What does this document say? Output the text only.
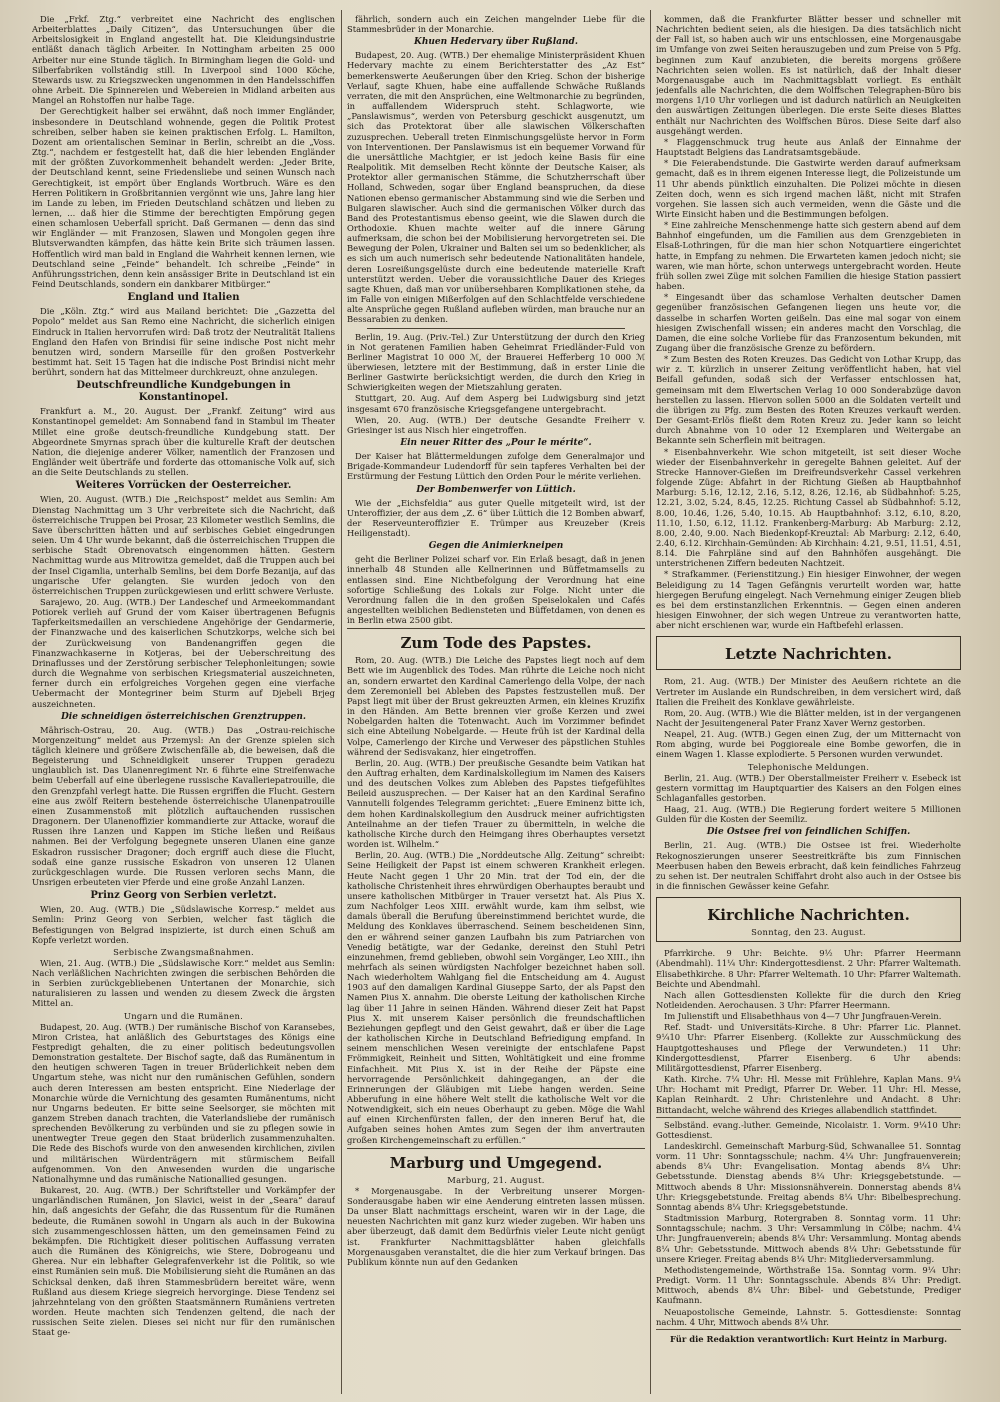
Die „Frkf. Ztg.“ verbreitet eine Nachricht des englischen Arbeiterblattes „Daily Citizen“, das Untersuchungen über die Arbeitslosigkeit in England angestellt hat. Die Kleidungsindustrie entläßt danach täglich Arbeiter. In Nottingham arbeiten 25 000 Arbeiter nur eine Stunde täglich. In Birmingham liegen die Gold- und Silberfabriken vollständig still. In Liverpool sind 1000 Köche, Stewards usw. zu Kriegszwecken ungenommen in den Handelsschiffen ohne Arbeit. Die Spinnereien und Webereien in Midland arbeiten aus Mangel an Rohstoffen nur halbe Tage.

Der Gerechtigkeit halber sei erwähnt, daß noch immer Engländer, insbesondere in Deutschland wohnende, gegen die Politik Protest schreiben, selber haben sie keinen praktischen Erfolg. L. Hamilton, Dozent am orientalischen Seminar in Berlin, schreibt an die „Voss. Ztg.“, nachdem er festgestellt hat, daß die hier lebenden Engländer mit der größten Zuvorkommenheit behandelt werden: „Jeder Brite, der Deutschland kennt, seine Friedensliebe und seinen Wunsch nach Gerechtigkeit, ist empört über Englands Wortbruch. Wäre es den Herren Politikern in Großbritannien vergönnt wie uns, Jahre lang hier im Lande zu leben, im Frieden Deutschland schätzen und lieben zu lernen, ... daß hier die Stimme der berechtigten Empörung gegen einen schamlosen Ueberfall spricht. Daß Germanen — denn das sind wir Engländer — mit Franzosen, Slawen und Mongolen gegen ihre Blutsverwandten kämpfen, das hätte kein Brite sich träumen lassen. Hoffentlich wird man bald in England die Wahrheit kennen lernen, wie Deutschland seine „Feinde“ behandelt. Ich schreibe „Feinde“ in Anführungsstrichen, denn kein ansässiger Brite in Deutschland ist ein Feind Deutschlands, sondern ein dankbarer Mitbürger.“

England und Italien

Die „Köln. Ztg.“ wird aus Mailand berichtet: Die „Gazzetta del Popolo“ meldet aus San Remo eine Nachricht, die sicherlich einigen Eindruck in Italien hervorrufen wird: Daß trotz der Neutralität Italiens England den Hafen von Brindisi für seine indische Post nicht mehr benutzen wird, sondern Marseille für den großen Postverkehr bestimmt hat. Seit 15 Tagen hat die indische Post Brindisi nicht mehr berührt, sondern hat das Mittelmeer durchkreuzt, ohne anzulegen.

Deutschfreundliche Kundgebungen in Konstantinopel.

Frankfurt a. M., 20. August. Der „Frankf. Zeitung“ wird aus Konstantinopel gemeldet: Am Sonnabend fand in Stambul im Theater Millet eine große deutsch-freundliche Kundgebung statt. Der Abgeordnete Smyrnas sprach über die kulturelle Kraft der deutschen Nation, die diejenige anderer Völker, namentlich der Franzosen und Engländer weit überträfe und forderte das ottomanische Volk auf, sich an die Seite Deutschlands zu stellen.

Weiteres Vorrücken der Oesterreicher.

Wien, 20. August. (WTB.) Die „Reichspost“ meldet aus Semlin: Am Dienstag Nachmittag um 3 Uhr verbreitete sich die Nachricht, daß österreichische Truppen bei Prosar, 23 Kilometer westlich Semlins, die Save überschritten hätten und auf serbisches Gebiet eingedrungen seien. Um 4 Uhr wurde bekannt, daß die österreichischen Truppen die serbische Stadt Obrenovatsch eingenommen hätten. Gestern Nachmittag wurde aus Mitrowitza gemeldet, daß die Truppen auch bei der Insel Cigamlia, unterhalb Semlins, bei dem Dorfe Bezanija, auf das ungarische Ufer gelangten. Sie wurden jedoch von den österreichischen Truppen zurückgewiesen und erlitt schwere Verluste.

Sarajewo, 20. Aug. (WTB.) Der Landeschef und Armeekommandant Potiorek verlieh auf Grund der vom Kaiser übertragenen Befugnis Tapferkeitsmedaillen an verschiedene Angehörige der Gendarmerie, der Finanzwache und des kaiserlichen Schutzkorps, welche sich bei der Zurückweisung von Bandenangriffen gegen die Finanzwachkaserne in Kotjeras, bei der Ueberschreitung des Drinaflusses und der Zerstörung serbischer Telephonleitungen; sowie durch die Wegnahme von serbischen Kriegsmaterial auszeichneten, ferner durch ein erfolgreiches Vorgehen gegen eine vierfache Uebermacht der Montegriner beim Sturm auf Djebeli Brjeg auszeichneten.

Die schneidigen österreichischen Grenztruppen.

Mährisch-Ostrau, 20. Aug. (WTB.) Das „Ostrau-reichische Morgenzeitung“ meldet aus Przemysl: An der Grenze spielen sich täglich kleinere und größere Zwischenfälle ab, die beweisen, daß die Begeisterung und Schneidigkeit unserer Truppen geradezu unglaublich ist. Das Ulanenregiment Nr. 6 führte eine Streifenwache beim Ueberfall auf eine überlegene russische Kavalleriepatrouille, die den Grenzpfahl verlegt hatte. Die Russen ergriffen die Flucht. Gestern eine aus zwölf Reitern bestehende österreichische Ulanenpatrouille einen Zusammenstoß mit plötzlich auftauchenden russischen Dragonern. Der Ulanenoffizier kommandierte zur Attacke, worauf die Russen ihre Lanzen und Kappen im Stiche ließen und Reißaus nahmen. Bei der Verfolgung begegnete unseren Ulanen eine ganze Eskadron russischer Dragoner; doch ergriff auch diese die Flucht, sodaß eine ganze russische Eskadron von unseren 12 Ulanen zurückgeschlagen wurde. Die Russen verloren sechs Mann, die Unsrigen erbeuteten vier Pferde und eine große Anzahl Lanzen.

Prinz Georg von Serbien verletzt.

Wien, 20. Aug. (WTB.) Die „Südslawische Korresp.“ meldet aus Semlin: Prinz Georg von Serbien, welcher fast täglich die Befestigungen von Belgrad inspizierte, ist durch einen Schuß am Kopfe verletzt worden.

Serbische Zwangsmaßnahmen.

Wien, 21. Aug. (WTB.) Die „Südslawische Korr.“ meldet aus Semlin: Nach verläßlichen Nachrichten zwingen die serbischen Behörden die in Serbien zurückgebliebenen Untertanen der Monarchie, sich naturalisieren zu lassen und wenden zu diesem Zweck die ärgsten Mittel an.

Ungarn und die Rumänen.

Budapest, 20. Aug. (WTB.) Der rumänische Bischof von Karansebes, Miron Cristea, hat anläßlich des Geburtstages des Königs eine Festpredigt gehalten, die zu einer politisch bedeutungsvollen Demonstration gestaltete. Der Bischof sagte, daß das Rumänentum in den heutigen schweren Tagen in treuer Brüderlichkeit neben dem Ungartum stehe, was nicht nur den rumänischen Gefühlen, sondern auch deren Interessen am besten entspricht. Eine Niederlage der Monarchie würde die Vernichtung des gesamten Rumänentums, nicht nur Ungarns bedeuten. Er bitte seine Seelsorger, sie möchten mit ganzem Streben danach trachten, die Vaterlandsliebe der rumänisch sprechenden Bevölkerung zu verbünden und sie zu pflegen sowie in unentwegter Treue gegen den Staat brüderlich zusammenzuhalten. Die Rede des Bischofs wurde von den anwesenden kirchlichen, zivilen und militärischen Würdenträgern mit stürmischem Beifall aufgenommen. Von den Anwesenden wurden die ungarische Nationalhymne und das rumänische Nationallied gesungen.

Bukarest, 20. Aug. (WTB.) Der Schriftsteller und Vorkämpfer der ungarländischen Rumänen, Jon Slavici, weist in der „Seara“ darauf hin, daß angesichts der Gefahr, die das Russentum für die Rumänen bedeute, die Rumänen sowohl in Ungarn als auch in der Bukowina sich zusammengeschlossen hätten, um den gemeinsamen Feind zu bekämpfen. Die Richtigkeit dieser politischen Auffassung verraten auch die Rumänen des Königreichs, wie Stere, Dobrogeanu und Gherea. Nur ein lebhafter Gelegrafenverkehr ist die Politik, so wie einst Rumänien sein muß. Die Mobilisierung sieht die Rumänen an das Schicksal denken, daß ihren Stammesbrüdern bereitet wäre, wenn Rußland aus diesem Kriege siegreich hervorginge. Diese Tendenz sei jahrzehntelang von den größten Staatsmännern Rumäniens vertreten worden. Heute machten sich Tendenzen geltend, die nach der russischen Seite zielen. Dieses sei nicht nur für den rumänischen Staat ge-

fährlich, sondern auch ein Zeichen mangelnder Liebe für die Stammesbrüder in der Monarchie.

Khuen Hedervary über Rußland.

Budapest, 20. Aug. (WTB.) Der ehemalige Ministerpräsident Khuen Hedervary machte zu einem Berichterstatter des „Az Est“ bemerkenswerte Aeußerungen über den Krieg. Schon der bisherige Verlauf, sagte Khuen, habe eine auffallende Schwäche Rußlands verraten, die mit den Ansprüchen, eine Weltmonarchie zu begründen, in auffallendem Widerspruch steht. Schlagworte, wie „Panslawismus“, werden von Petersburg geschickt ausgenutzt, um sich das Protektorat über alle slawischen Völkerschaften zuzusprechen. Ueberall treten Einmischungsgelüste hervor in Form von Interventionen. Der Panslawismus ist ein bequemer Vorwand für die unersättliche Machtgier, er ist jedoch keine Basis für eine Realpolitik. Mit demselben Recht könnte der Deutsche Kaiser, als Protektor aller germanischen Stämme, die Schutzherrschaft über Holland, Schweden, sogar über England beanspruchen, da diese Nationen ebenso germanischer Abstammung sind wie die Serben und Bulgaren slawischer. Auch sind die germanischen Völker durch das Band des Protestantismus ebenso geeint, wie die Slawen durch die Orthodoxie. Khuen machte weiter auf die innere Gärung aufmerksam, die schon bei der Mobilisierung hervorgetreten sei. Die Bewegung der Polen, Ukrainer und Balten sei um so bedenklicher, als es sich um auch numerisch sehr bedeutende Nationalitäten handele, deren Losreißungsgelüste durch eine bedeutende materielle Kraft unterstützt werden. Ueber die voraussichtliche Dauer des Krieges sagte Khuen, daß man vor unübersehbaren Komplikationen stehe, da im Falle von einigen Mißerfolgen auf den Schlachtfelde verschiedene alte Ansprüche gegen Rußland aufleben würden, man brauche nur an Bessarabien zu denken.

Berlin, 19. Aug. (Priv.-Tel.) Zur Unterstützung der durch den Krieg in Not geratenen Familien haben Geheimrat Friedländer-Fuld von Berliner Magistrat 10 000 ℳ, der Brauerei Hefferberg 10 000 ℳ überwiesen, letztere mit der Bestimmung, daß in erster Linie die Berliner Gastwirte berücksichtigt werden, die durch den Krieg in Schwierigkeiten wegen der Mietszahlung geraten.

Stuttgart, 20. Aug. Auf dem Asperg bei Ludwigsburg sind jetzt insgesamt 670 französische Kriegsgefangene untergebracht.

Wien, 20. Aug. (WTB.) Der deutsche Gesandte Freiherr v. Griesinger ist aus Nisch hier eingetroffen.

Ein neuer Ritter des „Pour le mérite“.

Der Kaiser hat Blättermeldungen zufolge dem Generalmajor und Brigade-Kommandeur Ludendorff für sein tapferes Verhalten bei der Erstürmung der Festung Lüttich den Orden Pour le mérite verliehen.

Der Bombenwerfer von Lüttich.

Wie der „Eichsfeldia“ aus guter Quelle mitgeteilt wird, ist der Unteroffizier, der aus dem „Z. 6“ über Lüttich die 12 Bomben abwarf, der Reserveunteroffizier E. Trümper aus Kreuzeber (Kreis Heiligenstadt).

Gegen die Animierkneipen

geht die Berliner Polizei scharf vor. Ein Erlaß besagt, daß in jenen innerhalb 48 Stunden alle Kellnerinnen und Büffetmamsells zu entlassen sind. Eine Nichtbefolgung der Verordnung hat eine sofortige Schließung des Lokals zur Folge. Nicht unter die Verordnung fallen die in den großen Speiselokalen und Cafés angestellten weiblichen Bediensteten und Büffetdamen, von denen es in Berlin etwa 2500 gibt.

Zum Tode des Papstes.

Rom, 20. Aug. (WTB.) Die Leiche des Papstes liegt noch auf dem Bett wie im Augenblick des Todes. Man rührte die Leiche noch nicht an, sondern erwartet den Kardinal Camerlengo della Volpe, der nach dem Zeremoniell bei Ableben des Papstes festzustellen muß. Der Papst liegt mit über der Brust gekreuzten Armen, ein kleines Kruzifix in den Händen. Am Bette brennen vier große Kerzen und zwei Nobelgarden halten die Totenwacht. Auch im Vorzimmer befindet sich eine Abteilung Nobelgarde. — Heute früh ist der Kardinal della Volpe, Camerlengo der Kirche und Verweser des päpstlichen Stuhles während der Sedisvakanz, hier eingetroffen.

Berlin, 20. Aug. (WTB.) Der preußische Gesandte beim Vatikan hat den Auftrag erhalten, dem Kardinalskollegium im Namen des Kaisers und des deutschen Volkes zum Ableben des Papstes tiefgefühltes Beileid auszusprechen. — Der Kaiser hat an den Kardinal Serafino Vannutelli folgendes Telegramm gerichtet: „Euere Eminenz bitte ich, dem hohen Kardinalskollegium den Ausdruck meiner aufrichtigsten Anteilnahme an der tiefen Trauer zu übermitteln, in welche die katholische Kirche durch den Heimgang ihres Oberhauptes versetzt worden ist. Wilhelm.“

Berlin, 20. Aug. (WTB.) Die „Norddeutsche Allg. Zeitung“ schreibt: Seine Heiligkeit der Papst ist einem schweren Krankheit erlegen. Heute Nacht gegen 1 Uhr 20 Min. trat der Tod ein, der die katholische Christenheit ihres ehrwürdigen Oberhauptes beraubt und unsere katholischen Mitbürger in Trauer versetzt hat. Als Pius X. zum Nachfolger Leos XIII. erwählt wurde, kam ihm selbst, wie damals überall die Berufung übereinstimmend berichtet wurde, die Meldung des Konklaves überraschend. Seinem bescheidenen Sinn, den er während seiner ganzen Laufbahn bis zum Patriarchen von Venedig betätigte, war der Gedanke, dereinst den Stuhl Petri einzunehmen, fremd geblieben, obwohl sein Vorgänger, Leo XIII., ihn mehrfach als seinen würdigsten Nachfolger bezeichnet haben soll. Nach wiederholtem Wahlgang fiel die Entscheidung am 4. August 1903 auf den damaligen Kardinal Giuseppe Sarto, der als Papst den Namen Pius X. annahm. Die oberste Leitung der katholischen Kirche lag über 11 Jahre in seinen Händen. Während dieser Zeit hat Papst Pius X. mit unserem Kaiser persönlich die freundschaftlichen Beziehungen gepflegt und den Geist gewahrt, daß er über die Lage der katholischen Kirche in Deutschland Befriedigung empfand. In seinem menschlichen Wesen vereinigte der entschlafene Papst Frömmigkeit, Reinheit und Sitten, Wohltätigkeit und eine fromme Einfachheit. Mit Pius X. ist in der Reihe der Päpste eine hervorragende Persönlichkeit dahingegangen, an der die Erinnerungen der Gläubigen mit Liebe hangen werden. Seine Abberufung in eine höhere Welt stellt die katholische Welt vor die Notwendigkeit, sich ein neues Oberhaupt zu geben. Möge die Wahl auf einen Kirchenfürsten fallen, der den inneren Beruf hat, die Aufgaben seines hohen Amtes zum Segen der ihm anvertrauten großen Kirchengemeinschaft zu erfüllen.“

Marburg und Umgegend.
Marburg, 21. August.

* Morgenausgabe. In der Verbreitung unserer Morgen-Sonderausgabe haben wir eine Aenderung eintreten lassen müssen. Da unser Blatt nachmittags erscheint, waren wir in der Lage, die neuesten Nachrichten mit ganz kurz wieder zugeben. Wir haben uns aber überzeugt, daß damit dem Bedürfnis vieler Leute nicht genügt ist. Frankfurter Nachmittagsblätter haben gleichfalls Morgenausgaben veranstaltet, die die hier zum Verkauf bringen. Das Publikum könnte nun auf den Gedanken

kommen, daß die Frankfurter Blätter besser und schneller mit Nachrichten bedient seien, als die hiesigen. Da dies tatsächlich nicht der Fall ist, so haben auch wir uns entschlossen, eine Morgenausgabe im Umfange von zwei Seiten herauszugeben und zum Preise von 5 Pfg. beginnen zum Kauf anzubieten, die bereits morgens größere Nachrichten seien wollen. Es ist natürlich, daß der Inhalt dieser Morgenausgabe auch im Nachmittagsblatt vorliegt. Es enthält jedenfalls alle Nachrichten, die dem Wolffschen Telegraphen-Büro bis morgens 1/10 Uhr vorliegen und ist dadurch natürlich an Neuigkeiten den auswärtigen Zeitungen überlegen. Die erste Seite dieses Blattes enthält nur Nachrichten des Wolffschen Büros. Diese Seite darf also ausgehängt werden.

* Flaggenschmuck trug heute aus Anlaß der Einnahme der Hauptstadt Belgiens das Landratsamtsgebäude.

* Die Feierabendstunde. Die Gastwirte werden darauf aufmerksam gemacht, daß es in ihrem eigenen Interesse liegt, die Polizeistunde um 11 Uhr abends pünktlich einzuhalten. Die Polizei möchte in diesen Zeiten doch, wenn es sich irgend machen läßt, nicht mit Strafen vorgehen. Sie lassen sich auch vermeiden, wenn die Gäste und die Wirte Einsicht haben und die Bestimmungen befolgen.

* Eine zahlreiche Menschenmenge hatte sich gestern abend auf dem Bahnhof eingefunden, um die Familien aus dem Grenzgebieten in Elsaß-Lothringen, für die man hier schon Notquartiere eingerichtet hatte, in Empfang zu nehmen. Die Erwarteten kamen jedoch nicht; sie waren, wie man hörte, schon unterwegs untergebracht worden. Heute früh sollen zwei Züge mit solchen Familien die hiesige Station passiert haben.

* Eingesandt über das schamlose Verhalten deutscher Damen gegenüber französischen Gefangenen liegen uns heute vor, die dasselbe in scharfen Worten geißeln. Das eine mal sogar von einem hiesigen Zwischenfall wissen; ein anderes macht den Vorschlag, die Damen, die eine solche Vorliebe für das Franzosentum bekunden, mit Zugang über die französische Grenze zu befördern.

* Zum Besten des Roten Kreuzes. Das Gedicht von Lothar Krupp, das wir z. T. kürzlich in unserer Zeitung veröffentlicht haben, hat viel Beifall gefunden, sodaß sich der Verfasser entschlossen hat, gemeinsam mit dem Elwertschen Verlag 10 000 Sonderabzüge davon herstellen zu lassen. Hiervon sollen 5000 an die Soldaten verteilt und die übrigen zu Pfg. zum Besten des Roten Kreuzes verkauft werden. Der Gesamt-Erlös fließt dem Roten Kreuz zu. Jeder kann so leicht durch Abnahme von 10 oder 12 Exemplaren und Weitergabe an Bekannte sein Scherflein mit beitragen.

* Eisenbahnverkehr. Wie schon mitgeteilt, ist seit dieser Woche wieder der Eisenbahnverkehr in geregelte Bahnen geleitet. Auf der Strecke Hannover-Gießen im Dreifreundsverkehr Cassel verkehren folgende Züge: Abfahrt in der Richtung Gießen ab Hauptbahnhof Marburg: 5.16, 12.12, 2.16, 5.12, 8.26, 12.16, ab Südbahnhof: 5.25, 12.21, 3.02, 5.24, 8.45, 12.25. Richtung Cassel ab Südbahnhof: 5.12, 8.00, 10.46, 1.26, 5.40, 10.15. Ab Hauptbahnhof: 3.12, 6.10, 8.20, 11.10, 1.50, 6.12, 11.12. Frankenberg-Marburg: Ab Marburg: 2.12, 8.00, 2.40, 9.00. Nach Biedenkopf-Kreuztal: Ab Marburg: 2.12, 6.40, 2.40, 6.12. Kirchhain-Gemünden: Ab Kirchhain: 4.21, 9.51, 11.51, 4.51, 8.14. Die Fahrpläne sind auf den Bahnhöfen ausgehängt. Die unterstrichenen Ziffern bedeuten Nachtzeit.

* Strafkammer. (Ferienstitzung.) Ein hiesiger Einwohner, der wegen Beleidigung zu 14 Tagen Gefängnis verurteilt worden war, hatte hiergegen Berufung eingelegt. Nach Vernehmung einiger Zeugen blieb es bei dem erstinstanzlichen Erkenntnis. — Gegen einen anderen hiesigen Einwohner, der sich wegen Untreue zu verantworten hatte, aber nicht erschienen war, wurde ein Haftbefehl erlassen.

Letzte Nachrichten.

Rom, 21. Aug. (WTB.) Der Minister des Aeußern richtete an die Vertreter im Auslande ein Rundschreiben, in dem versichert wird, daß Italien die Freiheit des Konklave gewährleiste.

Rom, 20. Aug. (WTB.) Wie die Blätter melden, ist in der vergangenen Nacht der Jesuitengeneral Pater Franz Xaver Wernz gestorben.

Neapel, 21. Aug. (WTB.) Gegen einen Zug, der um Mitternacht von Rom abging, wurde bei Poggioreale eine Bombe geworfen, die in einem Wagen 1. Klasse explodierte. 5 Personen wurden verwundet.

Telephonische Meldungen.

Berlin, 21. Aug. (WTB.) Der Oberstallmeister Freiherr v. Esebeck ist gestern vormittag im Hauptquartier des Kaisers an den Folgen eines Schlaganfalles gestorben.

Haag, 21. Aug. (WTB.) Die Regierung fordert weitere 5 Millionen Gulden für die Kosten der Seemiliz.

Die Ostsee frei von feindlichen Schiffen.

Berlin, 21. Aug. (WTB.) Die Ostsee ist frei. Wiederholte Rekognoszierungen unserer Seestreitkräfte bis zum Finnischen Meerbusen haben den Beweis erbracht, daß kein feindliches Fahrzeug zu sehen ist. Der neutralen Schiffahrt droht also auch in der Ostsee bis in die finnischen Gewässer keine Gefahr.

Kirchliche Nachrichten.
Sonntag, den 23. August.

Pfarrkirche. 9 Uhr: Beichte. 9½ Uhr: Pfarrer Heermann (Abendmahl). 11¼ Uhr: Kindergottesdienst. 2 Uhr: Pfarrer Waltemath. Elisabethkirche. 8 Uhr: Pfarrer Weltemath. 10 Uhr: Pfarrer Waltemath. Beichte und Abendmahl.

Nach allen Gottesdiensten Kollekte für die durch den Krieg Notleidenden. Aerochausen. 3 Uhr: Pfarrer Heermann.

Im Julienstift und Elisabethhaus von 4—7 Uhr Jungfrauen-Verein.

Ref. Stadt- und Universitäts-Kirche. 8 Uhr: Pfarrer Lic. Plannet. 9¼10 Uhr: Pfarrer Eisenberg. (Kollekte zur Ausschmückung des Hauptgotteshauses und Pflege der Verwundeten.) 11 Uhr: Kindergottesdienst, Pfarrer Eisenberg. 6 Uhr abends: Militärgottesdienst, Pfarrer Eisenberg.

Kath. Kirche. 7¼ Uhr: Hl. Messe mit Frühlehre, Kaplan Mans. 9¼ Uhr: Hochamt mit Predigt, Pfarrer Dr. Weber. 11 Uhr: Hl. Messe, Kaplan Reinhardt. 2 Uhr: Christenlehre und Andacht. 8 Uhr: Bittandacht, welche während des Krieges allabendlich stattfindet.

Selbständ. evang.-luther. Gemeinde, Nicolaistr. 1. Vorm. 9¼10 Uhr: Gottesdienst.

Landeskirchl. Gemeinschaft Marburg-Süd, Schwanallee 51. Sonntag vorm. 11 Uhr: Sonntagsschule; nachm. 4¼ Uhr: Jungfrauenverein; abends 8¼ Uhr: Evangelisation. Montag abends 8¼ Uhr: Gebetsstunde. Dienstag abends 8¼ Uhr: Kriegsgebetstunde. — Mittwoch abends 8 Uhr: Missionsnähverein. Donnerstag abends 8¼ Uhr: Kriegsgebetstunde. Freitag abends 8¼ Uhr: Bibelbesprechung. Sonntag abends 8¼ Uhr: Kriegsgebetstunde.

Stadtmission Marburg, Rotergraben 8. Sonntag vorm. 11 Uhr: Sonntagsschule; nachm. 3 Uhr: Versammlung in Cölbe; nachm. 4¼ Uhr: Jungfrauenverein; abends 8¼ Uhr: Versammlung. Montag abends 8¼ Uhr: Gebetsstunde. Mittwoch abends 8¼ Uhr: Gebetsstunde für unsere Krieger. Freitag abends 8¼ Uhr: Mitgliederversammlung.

Methodistengemeinde, Wörthstraße 15a. Sonntag vorm. 9¼ Uhr: Predigt. Vorm. 11 Uhr: Sonntagsschule. Abends 8¼ Uhr: Predigt. Mittwoch, abends 8¼ Uhr: Bibel- und Gebetstunde, Prediger Kaufmann.

Neuapostolische Gemeinde, Lahnstr. 5. Gottesdienste: Sonntag nachm. 4 Uhr, Mittwoch abends 8¼ Uhr.

Für die Redaktion verantwortlich: Kurt Heintz in Marburg.
